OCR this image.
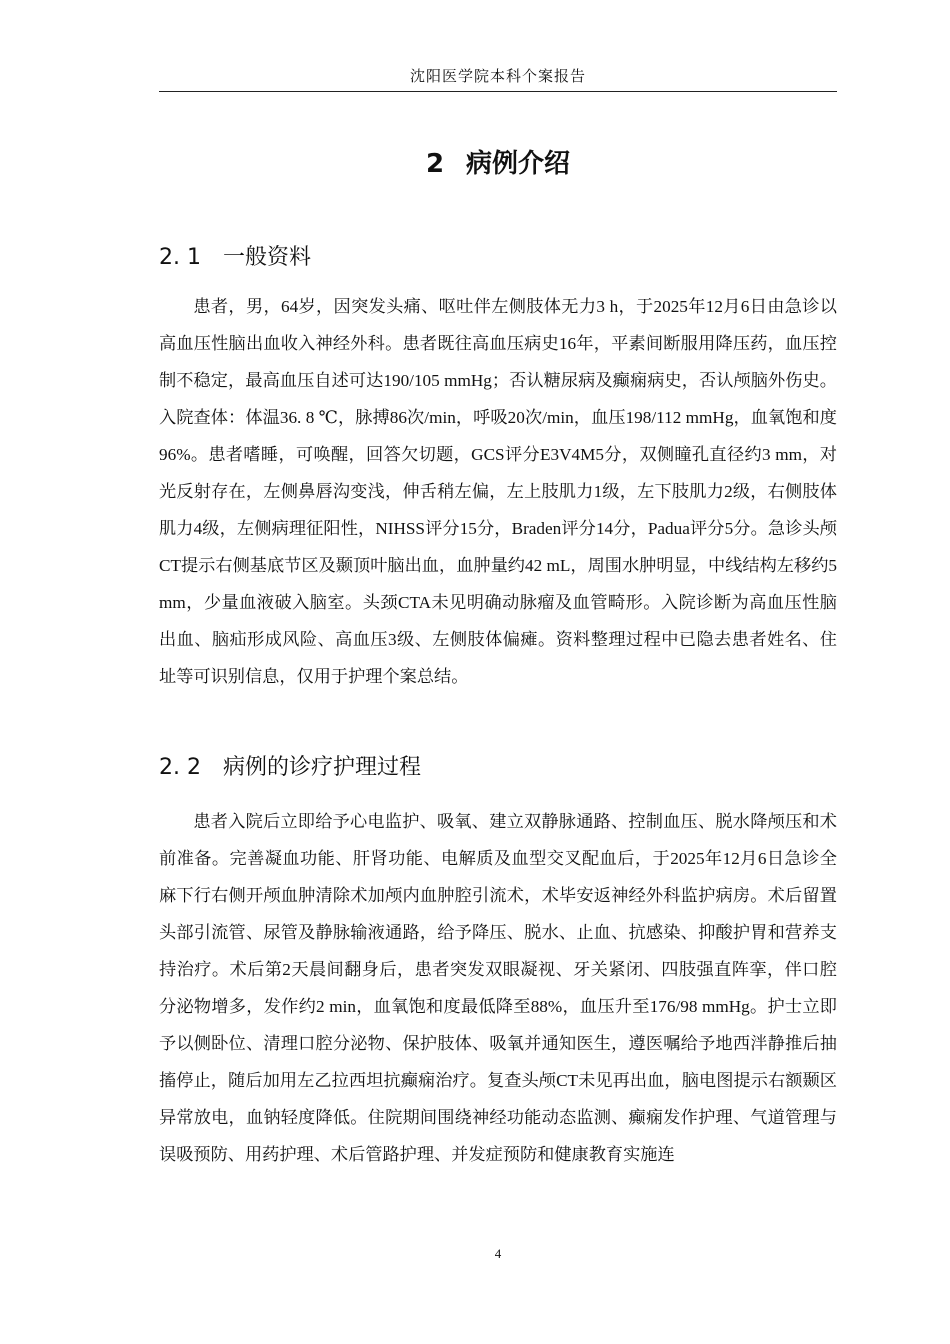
沈阳医学院本科个案报告
2 病例介绍
2. 1 一般资料

患者，男，64岁，因突发头痛、呕吐伴左侧肢体无力3 h，于2025年12月6日由急诊以高血压性脑出血收入神经外科。患者既往高血压病史16年，平素间断服用降压药，血压控制不稳定，最高血压自述可达190/105 mmHg；否认糖尿病及癫痫病史，否认颅脑外伤史。入院查体：体温36. 8 ℃，脉搏86次/min，呼吸20次/min，血压198/112 mmHg，血氧饱和度96%。患者嗜睡，可唤醒，回答欠切题，GCS评分E3V4M5分，双侧瞳孔直径约3 mm，对光反射存在，左侧鼻唇沟变浅，伸舌稍左偏，左上肢肌力1级，左下肢肌力2级，右侧肢体肌力4级，左侧病理征阳性，NIHSS评分15分，Braden评分14分，Padua评分5分。急诊头颅CT提示右侧基底节区及颞顶叶脑出血，血肿量约42 mL，周围水肿明显，中线结构左移约5 mm，少量血液破入脑室。头颈CTA未见明确动脉瘤及血管畸形。入院诊断为高血压性脑出血、脑疝形成风险、高血压3级、左侧肢体偏瘫。资料整理过程中已隐去患者姓名、住址等可识别信息，仅用于护理个案总结。

2. 2 病例的诊疗护理过程

患者入院后立即给予心电监护、吸氧、建立双静脉通路、控制血压、脱水降颅压和术前准备。完善凝血功能、肝肾功能、电解质及血型交叉配血后，于2025年12月6日急诊全麻下行右侧开颅血肿清除术加颅内血肿腔引流术，术毕安返神经外科监护病房。术后留置头部引流管、尿管及静脉输液通路，给予降压、脱水、止血、抗感染、抑酸护胃和营养支持治疗。术后第2天晨间翻身后，患者突发双眼凝视、牙关紧闭、四肢强直阵挛，伴口腔分泌物增多，发作约2 min，血氧饱和度最低降至88%，血压升至176/98 mmHg。护士立即予以侧卧位、清理口腔分泌物、保护肢体、吸氧并通知医生，遵医嘱给予地西泮静推后抽搐停止，随后加用左乙拉西坦抗癫痫治疗。复查头颅CT未见再出血，脑电图提示右额颞区异常放电，血钠轻度降低。住院期间围绕神经功能动态监测、癫痫发作护理、气道管理与误吸预防、用药护理、术后管路护理、并发症预防和健康教育实施连

4
